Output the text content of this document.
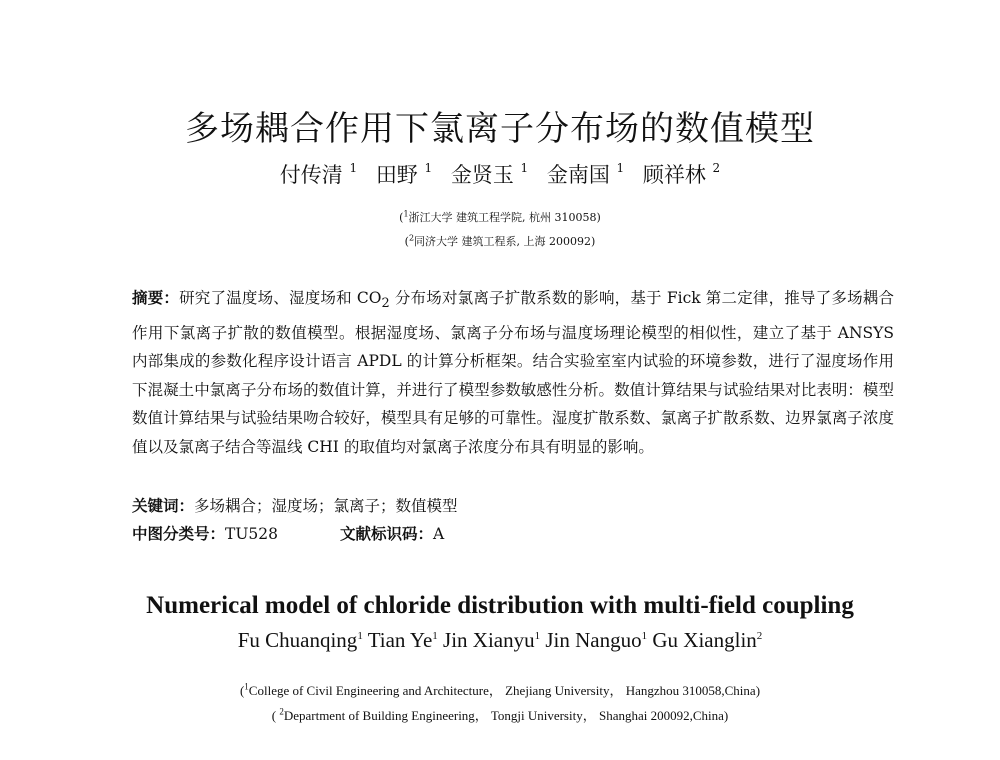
多场耦合作用下氯离子分布场的数值模型
付传清 $^1$ 田野 $^1$ 金贤玉 $^1$ 金南国 $^1$ 顾祥林 $^2$
($^1$浙江大学 建筑工程学院, 杭州 310058)
($^2$同济大学 建筑工程系, 上海 200092)
摘要：研究了温度场、湿度场和 $CO_2$ 分布场对氯离子扩散系数的影响，基于 Fick 第二定律，推导了多场耦合作用下氯离子扩散的数值模型。根据湿度场、氯离子分布场与温度场理论模型的相似性，建立了基于 ANSYS 内部集成的参数化程序设计语言 APDL 的计算分析框架。结合实验室室内试验的环境参数，进行了湿度场作用下混凝土中氯离子分布场的数值计算，并进行了模型参数敏感性分析。数值计算结果与试验结果对比表明：模型数值计算结果与试验结果吻合较好，模型具有足够的可靠性。湿度扩散系数、氯离子扩散系数、边界氯离子浓度值以及氯离子结合等温线 CHI 的取值均对氯离子浓度分布具有明显的影响。
关键词：多场耦合；湿度场；氯离子；数值模型
中图分类号：TU528	文献标识码：A
Numerical model of chloride distribution with multi-field coupling
Fu Chuanqing$^1$ Tian Ye$^1$ Jin Xianyu$^1$ Jin Nanguo$^1$ Gu Xianglin$^2$
($^1$College of Civil Engineering and Architecture， Zhejiang University， Hangzhou 310058,China)
( $^2$Department of Building Engineering， Tongji University， Shanghai 200092,China)
